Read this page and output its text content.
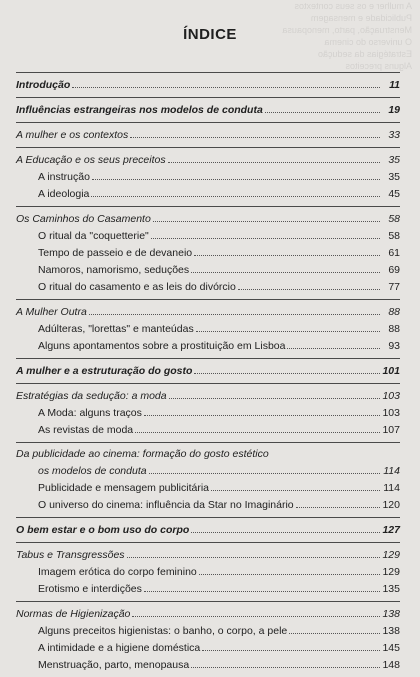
A mulher e os seus contextos
Publicidade e mensagem
Menstruação, parto, menopausa
O universo do cinema
Estratégias da sedução
Alguns preceitos
ÍNDICE
Introdução	11
Influências estrangeiras nos modelos de conduta	19
A mulher e os contextos	33
A Educação e os seus preceitos	35
A instrução	35
A ideologia	45
Os Caminhos do Casamento	58
O ritual da "coquetterie"	58
Tempo de passeio e de devaneio	61
Namoros, namorismo, seduções	69
O ritual do casamento e as leis do divórcio	77
A Mulher Outra	88
Adúlteras, "lorettas" e manteúdas	88
Alguns apontamentos sobre a prostituição em Lisboa	93
A mulher e a estruturação do gosto	101
Estratégias da sedução: a moda	103
A Moda: alguns traços	103
As revistas de moda	107
Da publicidade ao cinema: formação do gosto estético
os modelos de conduta	114
Publicidade e mensagem publicitária	114
O universo do cinema: influência da Star no Imaginário	120
O bem estar e o bom uso do corpo	127
Tabus e Transgressões	129
Imagem erótica do corpo feminino	129
Erotismo e interdições	135
Normas de Higienização	138
Alguns preceitos higienistas: o banho, o corpo, a pele	138
A intimidade e a higiene doméstica	145
Menstruação, parto, menopausa	148
